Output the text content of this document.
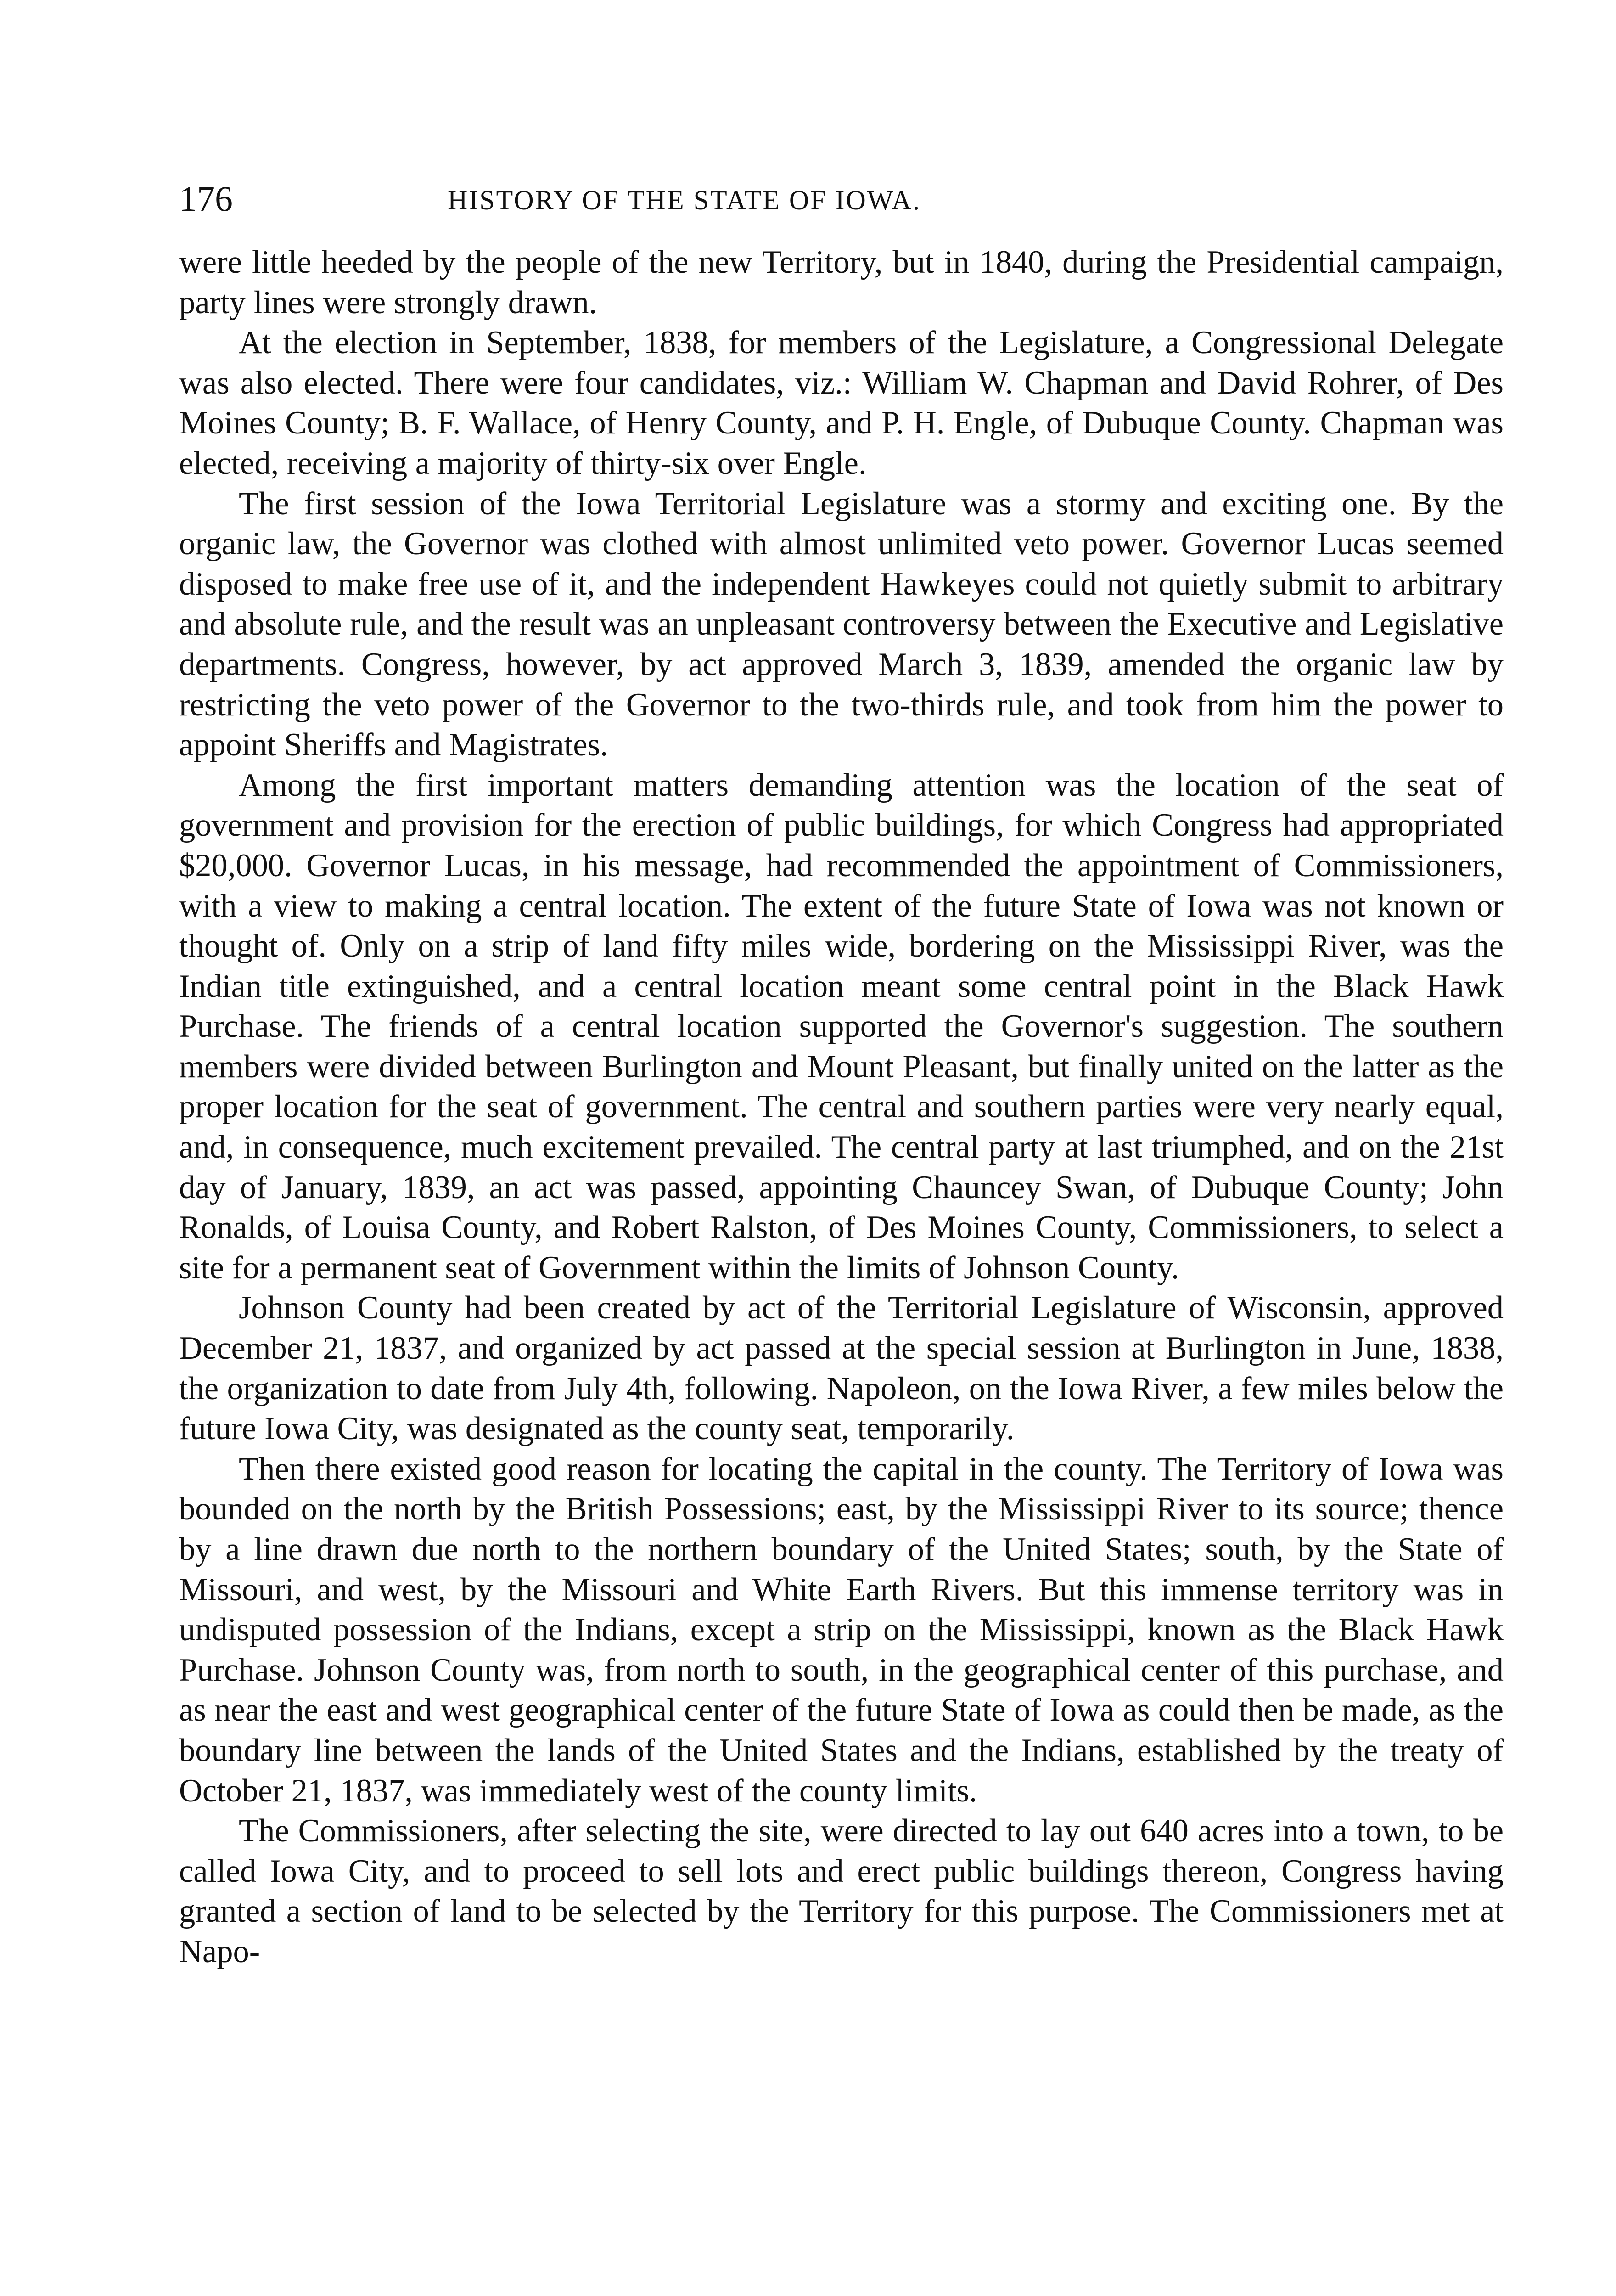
176	HISTORY OF THE STATE OF IOWA.

were little heeded by the people of the new Territory, but in 1840, during the Presidential campaign, party lines were strongly drawn.

At the election in September, 1838, for members of the Legislature, a Congressional Delegate was also elected. There were four candidates, viz.: William W. Chapman and David Rohrer, of Des Moines County; B. F. Wallace, of Henry County, and P. H. Engle, of Dubuque County. Chapman was elected, receiving a majority of thirty-six over Engle.

The first session of the Iowa Territorial Legislature was a stormy and exciting one. By the organic law, the Governor was clothed with almost unlimited veto power. Governor Lucas seemed disposed to make free use of it, and the independent Hawkeyes could not quietly submit to arbitrary and absolute rule, and the result was an unpleasant controversy between the Executive and Legislative departments. Congress, however, by act approved March 3, 1839, amended the organic law by restricting the veto power of the Governor to the two-thirds rule, and took from him the power to appoint Sheriffs and Magistrates.

Among the first important matters demanding attention was the location of the seat of government and provision for the erection of public buildings, for which Congress had appropriated $20,000. Governor Lucas, in his message, had recommended the appointment of Commissioners, with a view to making a central location. The extent of the future State of Iowa was not known or thought of. Only on a strip of land fifty miles wide, bordering on the Mississippi River, was the Indian title extinguished, and a central location meant some central point in the Black Hawk Purchase. The friends of a central location supported the Governor's suggestion. The southern members were divided between Burlington and Mount Pleasant, but finally united on the latter as the proper location for the seat of government. The central and southern parties were very nearly equal, and, in consequence, much excitement prevailed. The central party at last triumphed, and on the 21st day of January, 1839, an act was passed, appointing Chauncey Swan, of Dubuque County; John Ronalds, of Louisa County, and Robert Ralston, of Des Moines County, Commissioners, to select a site for a permanent seat of Government within the limits of Johnson County.

Johnson County had been created by act of the Territorial Legislature of Wisconsin, approved December 21, 1837, and organized by act passed at the special session at Burlington in June, 1838, the organization to date from July 4th, following. Napoleon, on the Iowa River, a few miles below the future Iowa City, was designated as the county seat, temporarily.

Then there existed good reason for locating the capital in the county. The Territory of Iowa was bounded on the north by the British Possessions; east, by the Mississippi River to its source; thence by a line drawn due north to the northern boundary of the United States; south, by the State of Missouri, and west, by the Missouri and White Earth Rivers. But this immense territory was in undisputed possession of the Indians, except a strip on the Mississippi, known as the Black Hawk Purchase. Johnson County was, from north to south, in the geographical center of this purchase, and as near the east and west geographical center of the future State of Iowa as could then be made, as the boundary line between the lands of the United States and the Indians, established by the treaty of October 21, 1837, was immediately west of the county limits.

The Commissioners, after selecting the site, were directed to lay out 640 acres into a town, to be called Iowa City, and to proceed to sell lots and erect public buildings thereon, Congress having granted a section of land to be selected by the Territory for this purpose. The Commissioners met at Napo-
